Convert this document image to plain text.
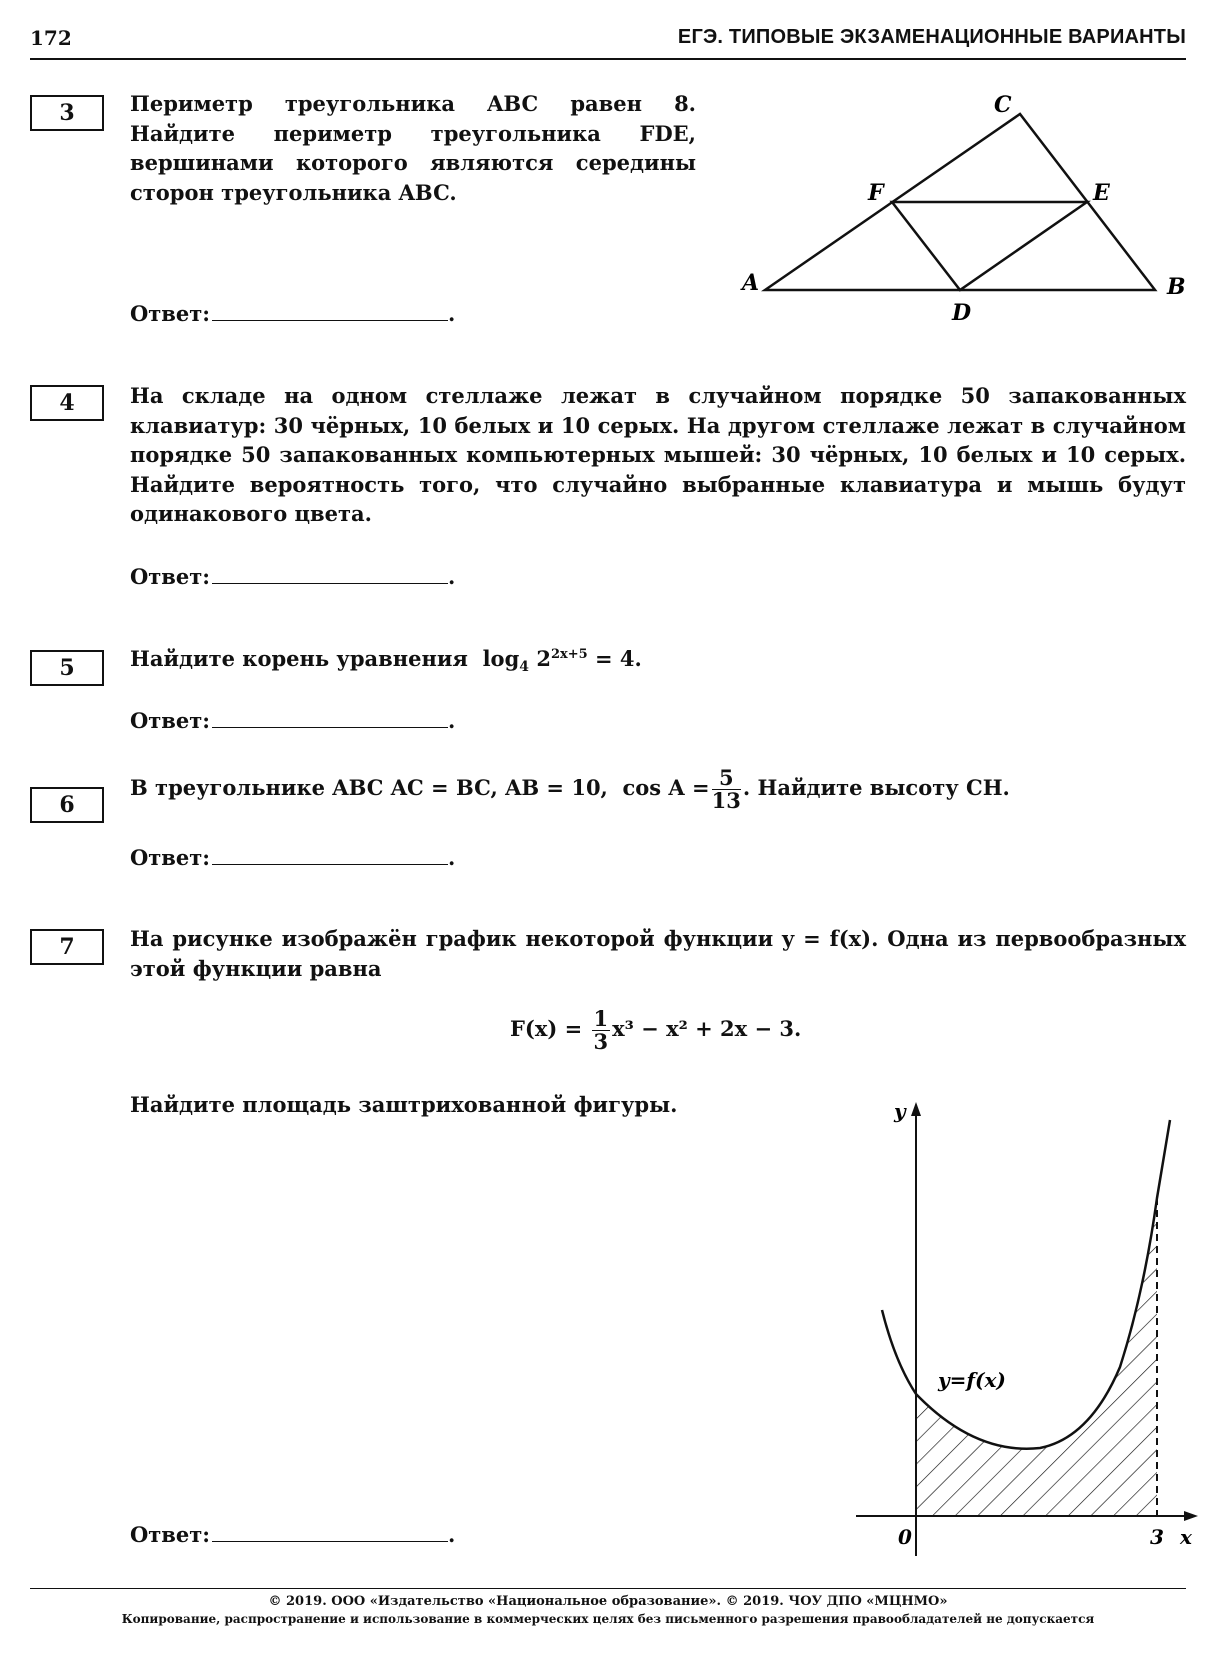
172	ЕГЭ. ТИПОВЫЕ ЭКЗАМЕНАЦИОННЫЕ ВАРИАНТЫ
3	Периметр треугольника ABC равен 8.
Найдите периметр треугольника FDE,
вершинами которого являются середины
сторон треугольника ABC.
A	B
C
D
E
F
Ответ:	.
4	На складе на одном стеллаже лежат в случайном порядке 50 запакованных клавиатур: 30 чёрных, 10 белых и 10 серых. На другом стеллаже лежат в случайном порядке 50 запакованных компьютерных мышей: 30 чёрных, 10 белых и 10 серых. Найдите вероятность того, что случайно выбранные клавиатура и мышь будут одинакового цвета.
Ответ:	.
5	Найдите корень уравнения $\log_4 2^{2x+5} = 4$.
Ответ:	.
6
В треугольнике ABC AC = BC, AB = 10, $\cos A = \frac{5}{13}$ . Найдите высоту CH.
Ответ:	.
7	На рисунке изображён график некоторой функции y = f(x). Одна из первообразных этой функции равна
$F(x) = \frac{1}{3} x^3 - x^2 + 2x - 3$.
Найдите площадь заштрихованной фигуры.	y
x
0	3
y=f(x)
Ответ:	.
© 2019. ООО «Издательство «Национальное образование». © 2019. ЧОУ ДПО «МЦНМО»
Копирование, распространение и использование в коммерческих целях без письменного разрешения правообладателей не допускается
